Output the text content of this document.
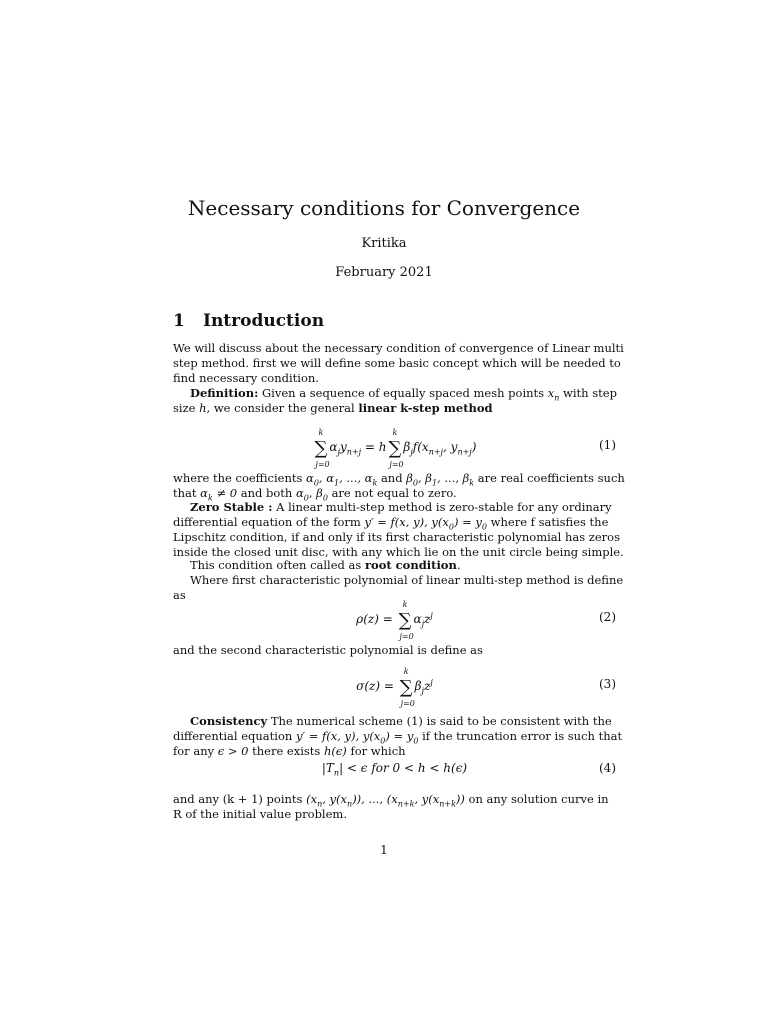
Necessary conditions for Convergence
Kritika
February 2021
1 Introduction
We will discuss about the necessary condition of convergence of Linear multi
step method. first we will define some basic concept which will be needed to
find necessary condition.
Definition: Given a sequence of equally spaced mesh points $x_n$ with step
size h, we consider the general linear k-step method
∑
k
j=0
$\alpha_jy_{n+j} = h$ ∑
k
j=0
$\beta_jf(x_{n+j}$, $y_{n+j}$)	(1)
where the coefficients $\alpha_0$, $\alpha_1$, ..., $\alpha_k$ and $\beta_0$, $\beta_1$, ..., $\beta_k$ are real coefficients such
that $\alpha_k \ne 0$ and both $\alpha_0$, $\beta_0$ are not equal to zero.
Zero Stable : A linear multi-step method is zero-stable for any ordinary
differential equation of the form y′ = f(x, y), $y(x_0) = y_0$ where f satisfies the
Lipschitz condition, if and only if its first characteristic polynomial has zeros
inside the closed unit disc, with any which lie on the unit circle being simple.
This condition often called as root condition.
Where first characteristic polynomial of linear multi-step method is define
as
ρ(z) = ∑
k
j=0
$\alpha_jz^j$	(2)
and the second characteristic polynomial is define as
σ(z) = ∑
k
j=0
$\beta_jz^j$	(3)
Consistency The numerical scheme (1) is said to be consistent with the
differential equation y′ = f(x, y), $y(x_0) = y_0$ if the truncation error is such that
for any ϵ > 0 there exists h(ϵ) for which
$|T_n| < \epsilon$ for 0 < h < h(ϵ)	(4)
and any (k + 1) points ($x_n$, $y(x_n)$), ..., ($x_{n+k}$, $y(x_{n+k})$) on any solution curve in
R of the initial value problem.
1
